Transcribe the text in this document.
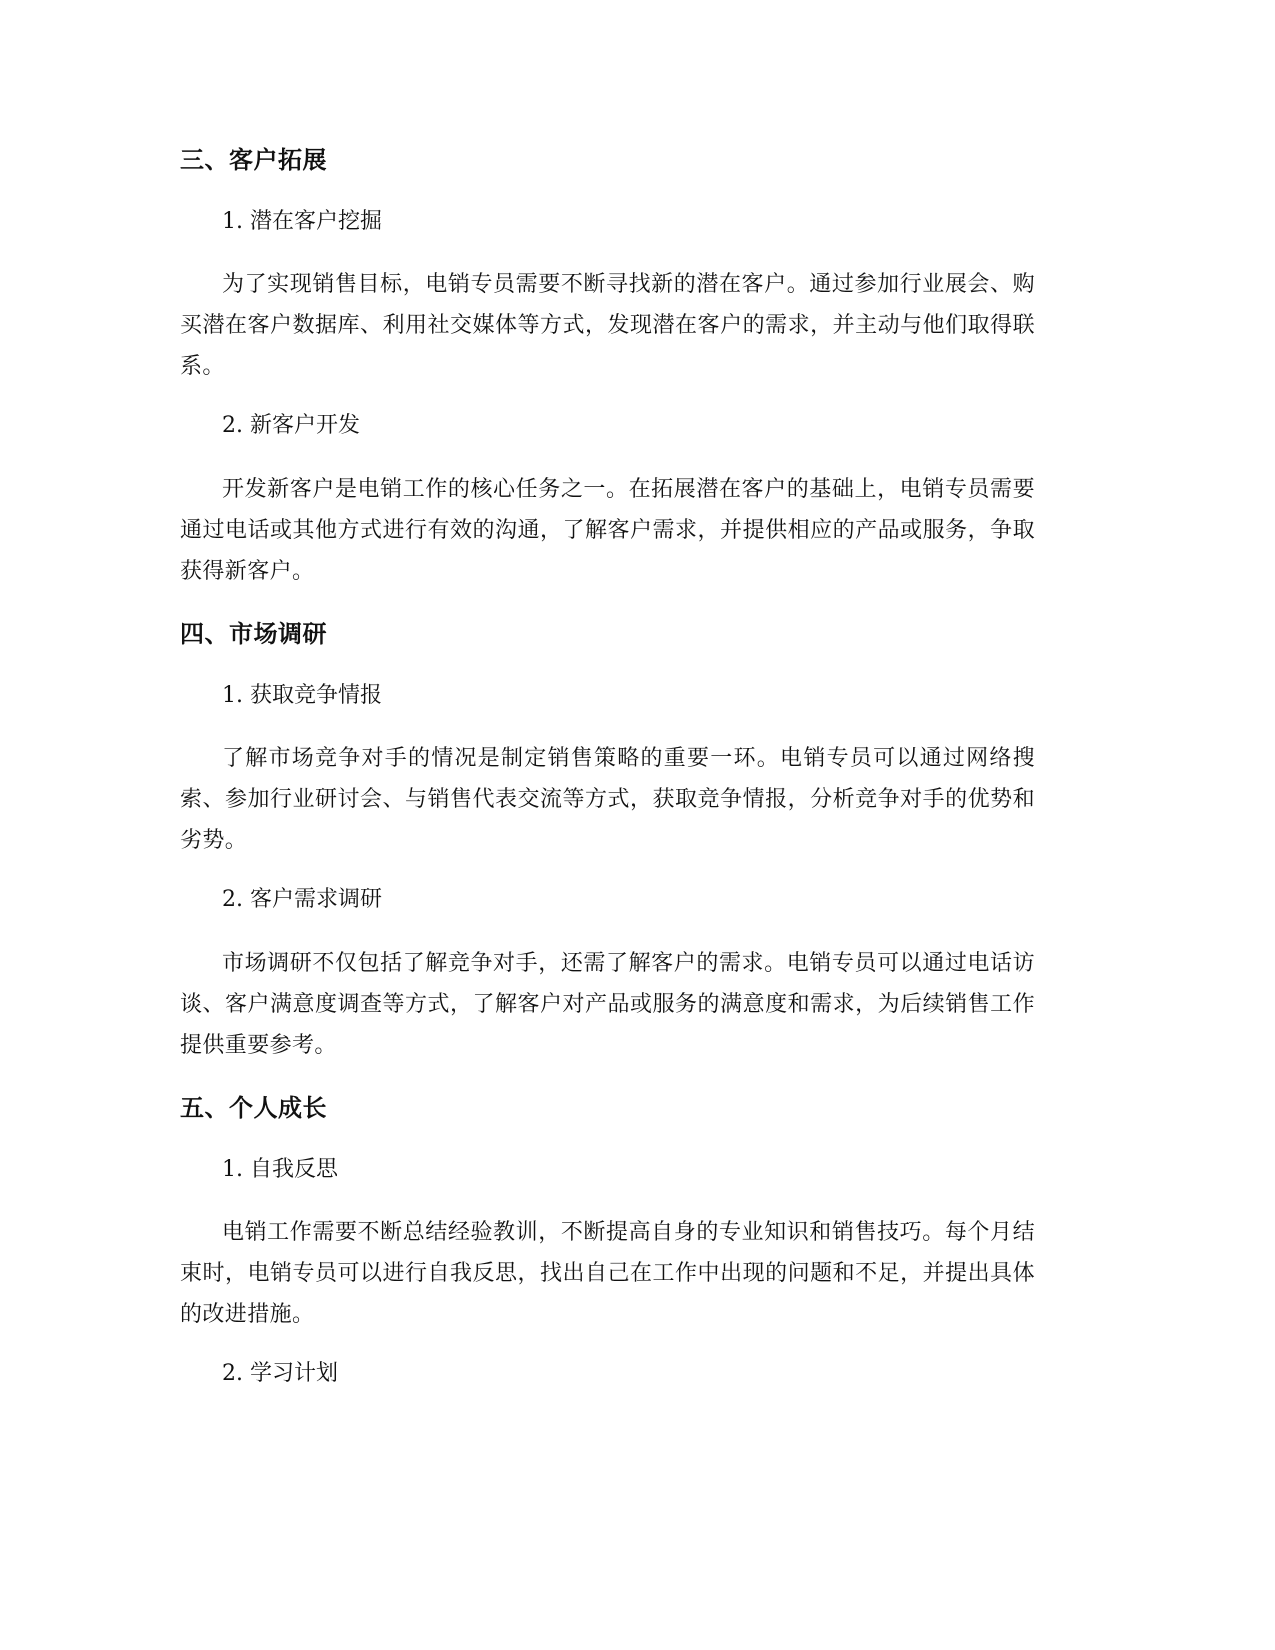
三、客户拓展
1. 潜在客户挖掘

为了实现销售目标，电销专员需要不断寻找新的潜在客户。通过参加行业展会、购买潜在客户数据库、利用社交媒体等方式，发现潜在客户的需求，并主动与他们取得联系。

2. 新客户开发

开发新客户是电销工作的核心任务之一。在拓展潜在客户的基础上，电销专员需要通过电话或其他方式进行有效的沟通，了解客户需求，并提供相应的产品或服务，争取获得新客户。

四、市场调研
1. 获取竞争情报

了解市场竞争对手的情况是制定销售策略的重要一环。电销专员可以通过网络搜索、参加行业研讨会、与销售代表交流等方式，获取竞争情报，分析竞争对手的优势和劣势。

2. 客户需求调研

市场调研不仅包括了解竞争对手，还需了解客户的需求。电销专员可以通过电话访谈、客户满意度调查等方式，了解客户对产品或服务的满意度和需求，为后续销售工作提供重要参考。

五、个人成长
1. 自我反思

电销工作需要不断总结经验教训，不断提高自身的专业知识和销售技巧。每个月结束时，电销专员可以进行自我反思，找出自己在工作中出现的问题和不足，并提出具体的改进措施。

2. 学习计划
